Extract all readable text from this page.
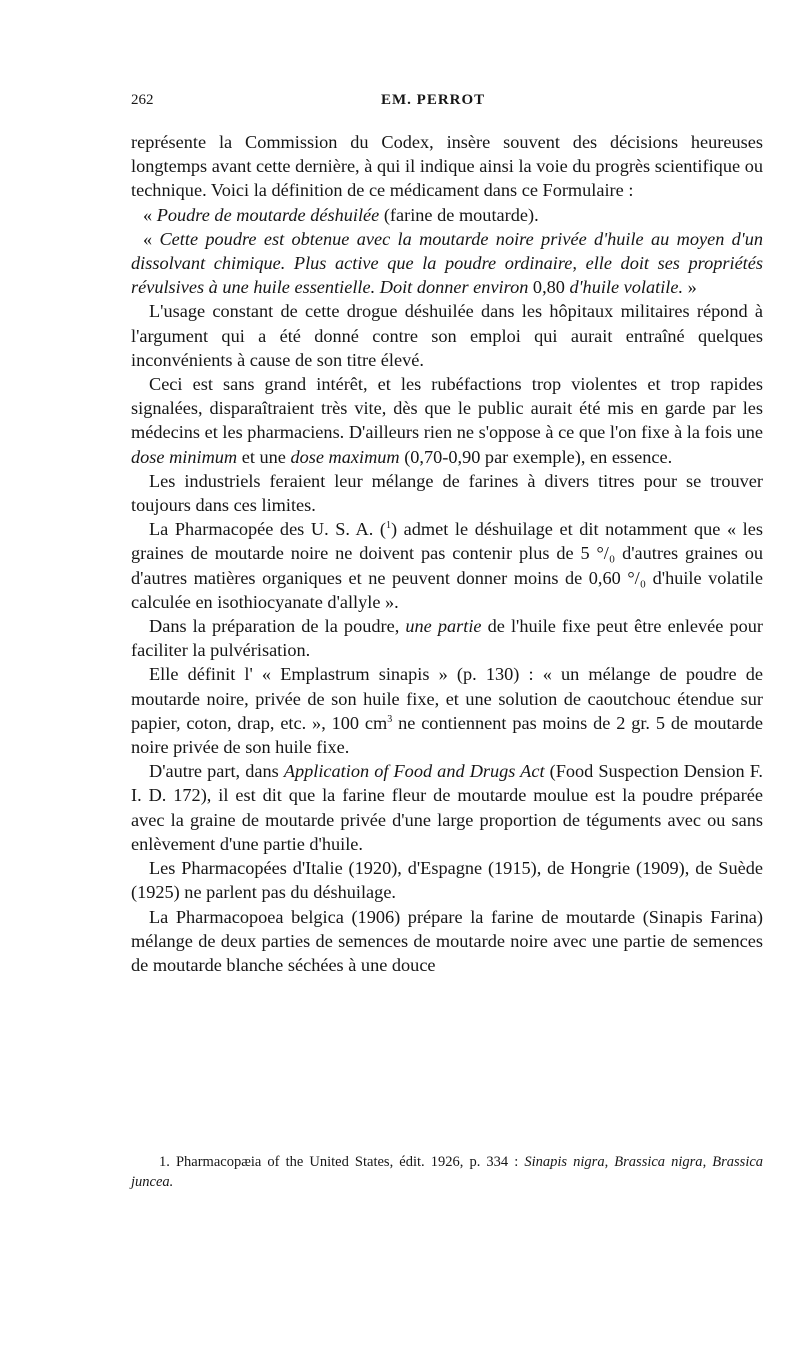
262	EM. PERROT

représente la Commission du Codex, insère souvent des décisions heureuses longtemps avant cette dernière, à qui il indique ainsi la voie du progrès scientifique ou technique. Voici la définition de ce médicament dans ce Formulaire :

« Poudre de moutarde déshuilée (farine de moutarde).

« Cette poudre est obtenue avec la moutarde noire privée d'huile au moyen d'un dissolvant chimique. Plus active que la poudre ordinaire, elle doit ses propriétés révulsives à une huile essentielle. Doit donner environ 0,80 d'huile volatile. »

L'usage constant de cette drogue déshuilée dans les hôpitaux militaires répond à l'argument qui a été donné contre son emploi qui aurait entraîné quelques inconvénients à cause de son titre élevé.

Ceci est sans grand intérêt, et les rubéfactions trop violentes et trop rapides signalées, disparaîtraient très vite, dès que le public aurait été mis en garde par les médecins et les pharmaciens. D'ailleurs rien ne s'oppose à ce que l'on fixe à la fois une dose minimum et une dose maximum (0,70-0,90 par exemple), en essence.

Les industriels feraient leur mélange de farines à divers titres pour se trouver toujours dans ces limites.

La Pharmacopée des U. S. A. ($^1$) admet le déshuilage et dit notamment que « les graines de moutarde noire ne doivent pas contenir plus de 5 °/₀ d'autres graines ou d'autres matières organiques et ne peuvent donner moins de 0,60 °/₀ d'huile volatile calculée en isothiocyanate d'allyle ».

Dans la préparation de la poudre, une partie de l'huile fixe peut être enlevée pour faciliter la pulvérisation.

Elle définit l' « Emplastrum sinapis » (p. 130) : « un mélange de poudre de moutarde noire, privée de son huile fixe, et une solution de caoutchouc étendue sur papier, coton, drap, etc. », 100 $cm^3$ ne contiennent pas moins de 2 gr. 5 de moutarde noire privée de son huile fixe.

D'autre part, dans Application of Food and Drugs Act (Food Suspection Dension F. I. D. 172), il est dit que la farine fleur de moutarde moulue est la poudre préparée avec la graine de moutarde privée d'une large proportion de téguments avec ou sans enlèvement d'une partie d'huile.

Les Pharmacopées d'Italie (1920), d'Espagne (1915), de Hongrie (1909), de Suède (1925) ne parlent pas du déshuilage.

La Pharmacopoea belgica (1906) prépare la farine de moutarde (Sinapis Farina) mélange de deux parties de semences de moutarde noire avec une partie de semences de moutarde blanche séchées à une douce

1. Pharmacopæia of the United States, édit. 1926, p. 334 : Sinapis nigra, Brassica nigra, Brassica juncea.
